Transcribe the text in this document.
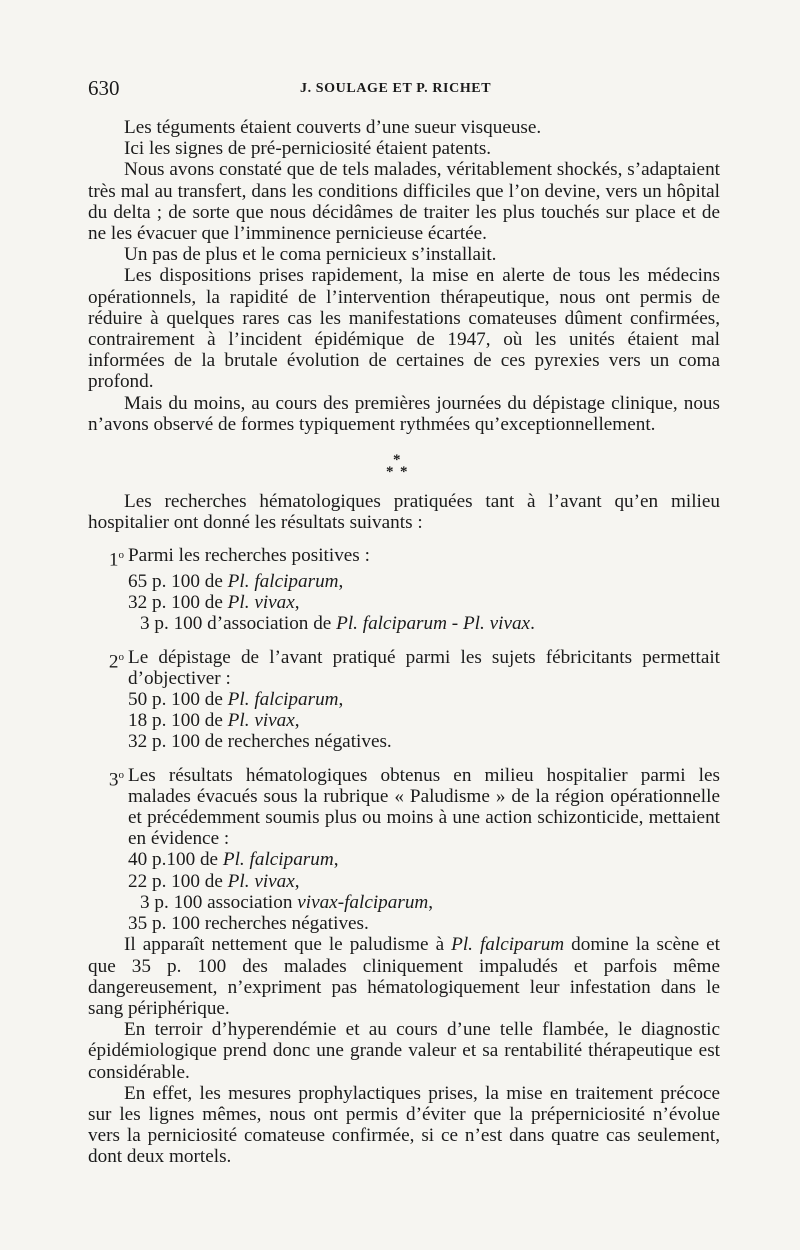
630	J. SOULAGE ET P. RICHET

Les téguments étaient couverts d’une sueur visqueuse.

Ici les signes de pré-perniciosité étaient patents.

Nous avons constaté que de tels malades, véritablement shockés, s’adaptaient très mal au transfert, dans les conditions difficiles que l’on devine, vers un hôpital du delta ; de sorte que nous décidâmes de traiter les plus touchés sur place et de ne les évacuer que l’imminence pernicieuse écartée.

Un pas de plus et le coma pernicieux s’installait.

Les dispositions prises rapidement, la mise en alerte de tous les médecins opérationnels, la rapidité de l’intervention thérapeutique, nous ont permis de réduire à quelques rares cas les manifestations comateuses dûment confirmées, contrairement à l’incident épidémique de 1947, où les unités étaient mal informées de la brutale évolution de certaines de ces pyrexies vers un coma profond.

Mais du moins, au cours des premières journées du dépistage clinique, nous n’avons observé de formes typiquement rythmées qu’exceptionnellement.

*
* *

Les recherches hématologiques pratiquées tant à l’avant qu’en milieu hospitalier ont donné les résultats suivants :

1$^o$ Parmi les recherches positives :
65 p. 100 de Pl. falciparum,
32 p. 100 de Pl. vivax,
3 p. 100 d’association de Pl. falciparum - Pl. vivax.
2$^o$ Le dépistage de l’avant pratiqué parmi les sujets fébricitants permettait d’objectiver :
50 p. 100 de Pl. falciparum,
18 p. 100 de Pl. vivax,
32 p. 100 de recherches négatives.
3$^o$ Les résultats hématologiques obtenus en milieu hospitalier parmi les malades évacués sous la rubrique « Paludisme » de la région opérationnelle et précédemment soumis plus ou moins à une action schizonticide, mettaient en évidence :
40 p.100 de Pl. falciparum,
22 p. 100 de Pl. vivax,
3 p. 100 association vivax-falciparum,
35 p. 100 recherches négatives.

Il apparaît nettement que le paludisme à Pl. falciparum domine la scène et que 35 p. 100 des malades cliniquement impaludés et parfois même dangereusement, n’expriment pas hématologiquement leur infestation dans le sang périphérique.

En terroir d’hyperendémie et au cours d’une telle flambée, le diagnostic épidémiologique prend donc une grande valeur et sa rentabilité thérapeutique est considérable.

En effet, les mesures prophylactiques prises, la mise en traitement précoce sur les lignes mêmes, nous ont permis d’éviter que la préperniciosité n’évolue vers la perniciosité comateuse confirmée, si ce n’est dans quatre cas seulement, dont deux mortels.
